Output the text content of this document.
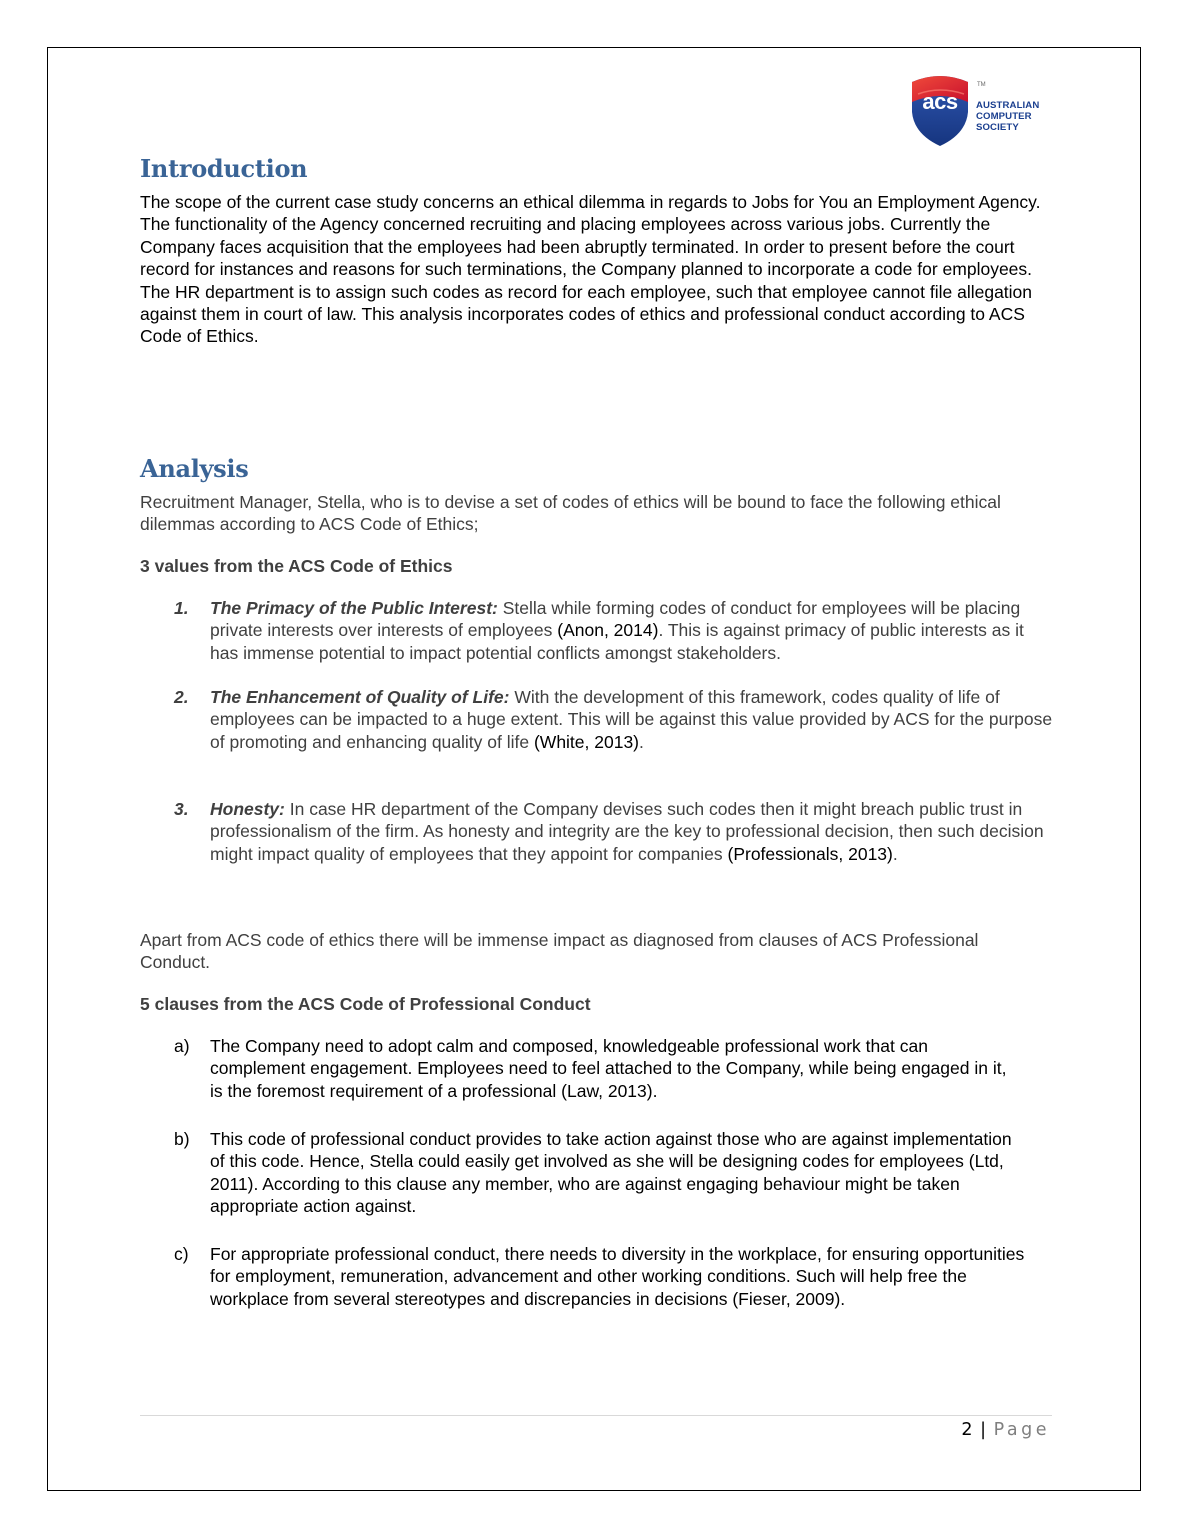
acs
TM
AUSTRALIAN
COMPUTER
SOCIETY
Introduction

The scope of the current case study concerns an ethical dilemma in regards to Jobs for You an Employment Agency. The functionality of the Agency concerned recruiting and placing employees across various jobs. Currently the Company faces acquisition that the employees had been abruptly terminated. In order to present before the court record for instances and reasons for such terminations, the Company planned to incorporate a code for employees. The HR department is to assign such codes as record for each employee, such that employee cannot file allegation against them in court of law. This analysis incorporates codes of ethics and professional conduct according to ACS Code of Ethics.

Analysis

Recruitment Manager, Stella, who is to devise a set of codes of ethics will be bound to face the following ethical dilemmas according to ACS Code of Ethics;

3 values from the ACS Code of Ethics

1.	The Primacy of the Public Interest: Stella while forming codes of conduct for employees will be placing private interests over interests of employees (Anon, 2014). This is against primacy of public interests as it has immense potential to impact potential conflicts amongst stakeholders.
2.	The Enhancement of Quality of Life: With the development of this framework, codes quality of life of employees can be impacted to a huge extent. This will be against this value provided by ACS for the purpose of promoting and enhancing quality of life (White, 2013).
3.	Honesty: In case HR department of the Company devises such codes then it might breach public trust in professionalism of the firm. As honesty and integrity are the key to professional decision, then such decision might impact quality of employees that they appoint for companies (Professionals, 2013).

Apart from ACS code of ethics there will be immense impact as diagnosed from clauses of ACS Professional Conduct.

5 clauses from the ACS Code of Professional Conduct

a)	The Company need to adopt calm and composed, knowledgeable professional work that can complement engagement. Employees need to feel attached to the Company, while being engaged in it, is the foremost requirement of a professional (Law, 2013).
b)	This code of professional conduct provides to take action against those who are against implementation of this code. Hence, Stella could easily get involved as she will be designing codes for employees (Ltd, 2011). According to this clause any member, who are against engaging behaviour might be taken appropriate action against.
c)	For appropriate professional conduct, there needs to diversity in the workplace, for ensuring opportunities for employment, remuneration, advancement and other working conditions. Such will help free the workplace from several stereotypes and discrepancies in decisions (Fieser, 2009).
2 | Page
